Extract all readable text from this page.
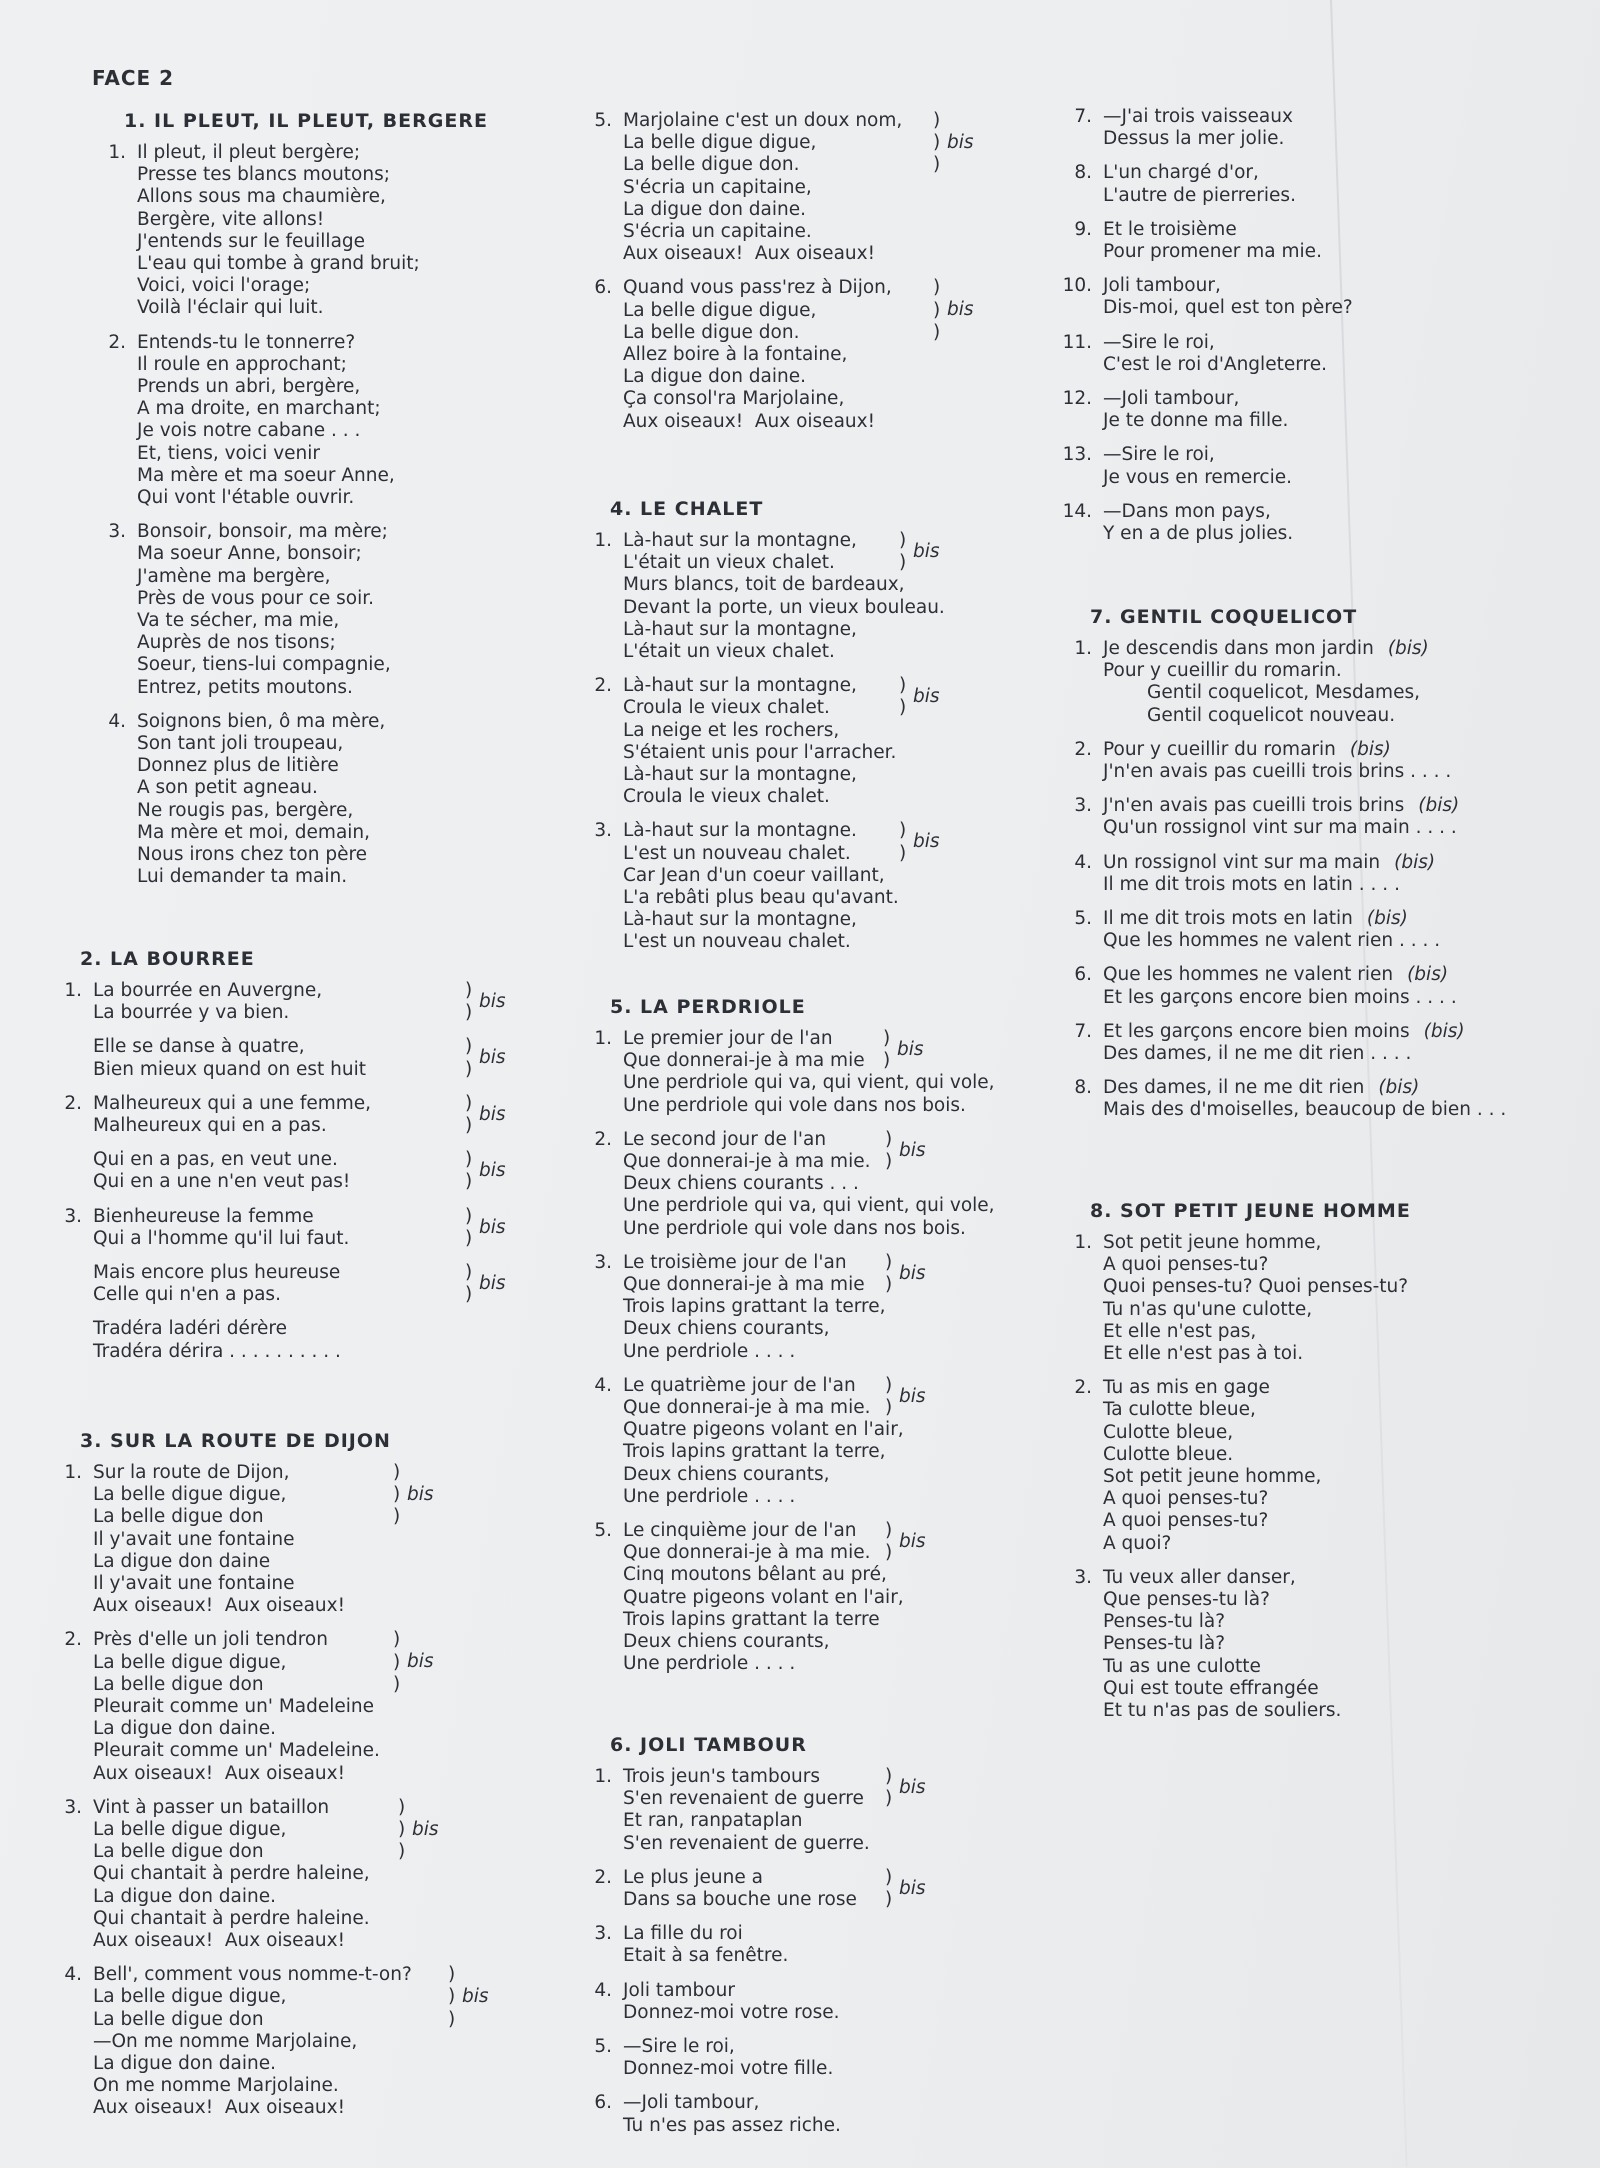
FACE 2
1. IL PLEUT, IL PLEUT, BERGERE
1. Il pleut, il pleut bergère;
Presse tes blancs moutons;
Allons sous ma chaumière,
Bergère, vite allons!
J'entends sur le feuillage
L'eau qui tombe à grand bruit;
Voici, voici l'orage;
Voilà l'éclair qui luit.
2. Entends-tu le tonnerre?
Il roule en approchant;
Prends un abri, bergère,
A ma droite, en marchant;
Je vois notre cabane . . .
Et, tiens, voici venir
Ma mère et ma soeur Anne,
Qui vont l'étable ouvrir.
3. Bonsoir, bonsoir, ma mère;
Ma soeur Anne, bonsoir;
J'amène ma bergère,
Près de vous pour ce soir.
Va te sécher, ma mie,
Auprès de nos tisons;
Soeur, tiens-lui compagnie,
Entrez, petits moutons.
4. Soignons bien, ô ma mère,
Son tant joli troupeau,
Donnez plus de litière
A son petit agneau.
Ne rougis pas, bergère,
Ma mère et moi, demain,
Nous irons chez ton père
Lui demander ta main.
2. LA BOURREE
1. La bourrée en Auvergne,
La bourrée y va bien.
)
)
bis
Elle se danse à quatre,
Bien mieux quand on est huit
)
)
bis
2. Malheureux qui a une femme,
Malheureux qui en a pas.
)
)
bis
Qui en a pas, en veut une.
Qui en a une n'en veut pas!
)
)
bis
3. Bienheureuse la femme
Qui a l'homme qu'il lui faut.
)
)
bis
Mais encore plus heureuse
Celle qui n'en a pas.
)
)
bis
Tradéra ladéri dérère
Tradéra dérira . . . . . . . . . .
3. SUR LA ROUTE DE DIJON
1. Sur la route de Dijon,
La belle digue digue,
La belle digue don
Il y'avait une fontaine
La digue don daine
Il y'avait une fontaine
Aux oiseaux!  Aux oiseaux!
)
)
)
bis
2. Près d'elle un joli tendron
La belle digue digue,
La belle digue don
Pleurait comme un' Madeleine
La digue don daine.
Pleurait comme un' Madeleine.
Aux oiseaux!  Aux oiseaux!
)
)
)
bis
3. Vint à passer un bataillon
La belle digue digue,
La belle digue don
Qui chantait à perdre haleine,
La digue don daine.
Qui chantait à perdre haleine.
Aux oiseaux!  Aux oiseaux!
)
)
)
bis
4. Bell', comment vous nomme-t-on?
La belle digue digue,
La belle digue don
—On me nomme Marjolaine,
La digue don daine.
On me nomme Marjolaine.
Aux oiseaux!  Aux oiseaux!
)
)
)
bis
5. Marjolaine c'est un doux nom,
La belle digue digue,
La belle digue don.
S'écria un capitaine,
La digue don daine.
S'écria un capitaine.
Aux oiseaux!  Aux oiseaux!
)
)
)
bis
6. Quand vous pass'rez à Dijon,
La belle digue digue,
La belle digue don.
Allez boire à la fontaine,
La digue don daine.
Ça consol'ra Marjolaine,
Aux oiseaux!  Aux oiseaux!
)
)
)
bis
4. LE CHALET
1. Là-haut sur la montagne,
L'était un vieux chalet.
Murs blancs, toit de bardeaux,
Devant la porte, un vieux bouleau.
Là-haut sur la montagne,
L'était un vieux chalet.
)
)
bis
2. Là-haut sur la montagne,
Croula le vieux chalet.
La neige et les rochers,
S'étaient unis pour l'arracher.
Là-haut sur la montagne,
Croula le vieux chalet.
)
)
bis
3. Là-haut sur la montagne.
L'est un nouveau chalet.
Car Jean d'un coeur vaillant,
L'a rebâti plus beau qu'avant.
Là-haut sur la montagne,
L'est un nouveau chalet.
)
)
bis
5. LA PERDRIOLE
1. Le premier jour de l'an
Que donnerai-je à ma mie
Une perdriole qui va, qui vient, qui vole,
Une perdriole qui vole dans nos bois.
)
)
bis
2. Le second jour de l'an
Que donnerai-je à ma mie.
Deux chiens courants . . .
Une perdriole qui va, qui vient, qui vole,
Une perdriole qui vole dans nos bois.
)
)
bis
3. Le troisième jour de l'an
Que donnerai-je à ma mie
Trois lapins grattant la terre,
Deux chiens courants,
Une perdriole . . . .
)
)
bis
4. Le quatrième jour de l'an
Que donnerai-je à ma mie.
Quatre pigeons volant en l'air,
Trois lapins grattant la terre,
Deux chiens courants,
Une perdriole . . . .
)
)
bis
5. Le cinquième jour de l'an
Que donnerai-je à ma mie.
Cinq moutons bêlant au pré,
Quatre pigeons volant en l'air,
Trois lapins grattant la terre
Deux chiens courants,
Une perdriole . . . .
)
)
bis
6. JOLI TAMBOUR
1. Trois jeun's tambours
S'en revenaient de guerre
Et ran, ranpataplan
S'en revenaient de guerre.
)
)
bis
2. Le plus jeune a
Dans sa bouche une rose
)
)
bis
3. La fille du roi
Etait à sa fenêtre.
4. Joli tambour
Donnez-moi votre rose.
5. —Sire le roi,
Donnez-moi votre fille.
6. —Joli tambour,
Tu n'es pas assez riche.
7. —J'ai trois vaisseaux
Dessus la mer jolie.
8. L'un chargé d'or,
L'autre de pierreries.
9. Et le troisième
Pour promener ma mie.
10. Joli tambour,
Dis-moi, quel est ton père?
11. —Sire le roi,
C'est le roi d'Angleterre.
12. —Joli tambour,
Je te donne ma fille.
13. —Sire le roi,
Je vous en remercie.
14. —Dans mon pays,
Y en a de plus jolies.
7. GENTIL COQUELICOT
1. Je descendis dans mon jardin (bis)
Pour y cueillir du romarin.
Gentil coquelicot, Mesdames,
Gentil coquelicot nouveau.
2. Pour y cueillir du romarin (bis)
J'n'en avais pas cueilli trois brins . . . .
3. J'n'en avais pas cueilli trois brins (bis)
Qu'un rossignol vint sur ma main . . . .
4. Un rossignol vint sur ma main (bis)
Il me dit trois mots en latin . . . .
5. Il me dit trois mots en latin (bis)
Que les hommes ne valent rien . . . .
6. Que les hommes ne valent rien (bis)
Et les garçons encore bien moins . . . .
7. Et les garçons encore bien moins (bis)
Des dames, il ne me dit rien . . . .
8. Des dames, il ne me dit rien (bis)
Mais des d'moiselles, beaucoup de bien . . .
8. SOT PETIT JEUNE HOMME
1. Sot petit jeune homme,
A quoi penses-tu?
Quoi penses-tu? Quoi penses-tu?
Tu n'as qu'une culotte,
Et elle n'est pas,
Et elle n'est pas à toi.
2. Tu as mis en gage
Ta culotte bleue,
Culotte bleue,
Culotte bleue.
Sot petit jeune homme,
A quoi penses-tu?
A quoi penses-tu?
A quoi?
3. Tu veux aller danser,
Que penses-tu là?
Penses-tu là?
Penses-tu là?
Tu as une culotte
Qui est toute effrangée
Et tu n'as pas de souliers.
